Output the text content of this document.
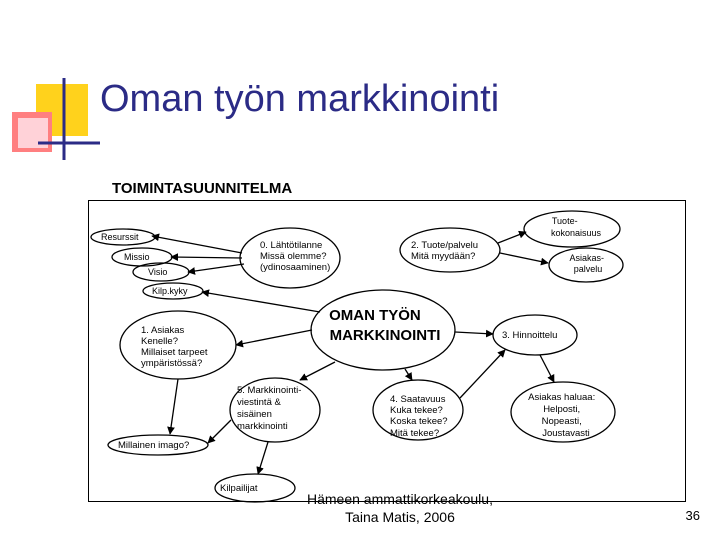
Oman työn markkinointi
TOIMINTASUUNNITELMA
Resurssit
Missio
Visio
Kilp.kyky
0. Lähtötilanne Missä olemme? (ydinosaaminen)
2. Tuote/palvelu Mitä myydään?
Tuote- kokonaisuus
Asiakas- palvelu
OMAN TYÖN MARKKINOINTI
1. Asiakas Kenelle? Millaiset tarpeet ympäristössä?
3. Hinnoittelu
5. Markkinointi- viestintä & sisäinen markkinointi
4. Saatavuus Kuka tekee? Koska tekee? Mitä tekee?
Asiakas haluaa: Helposti, Nopeasti, Joustavasti
Millainen imago?
Kilpailijat
Hämeen ammattikorkeakoulu,
Taina Matis, 2006	36
